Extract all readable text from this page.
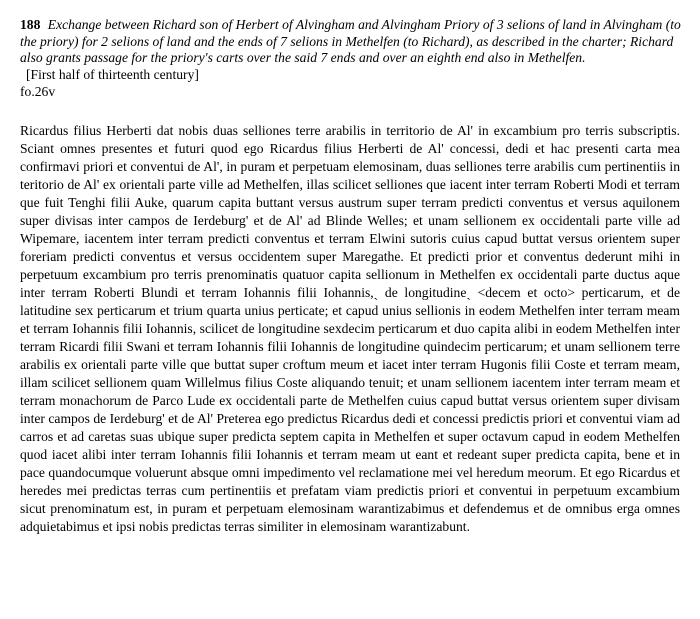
188 Exchange between Richard son of Herbert of Alvingham and Alvingham Priory of 3 selions of land in Alvingham (to the priory) for 2 selions of land and the ends of 7 selions in Methelfen (to Richard), as described in the charter; Richard also grants passage for the priory's carts over the said 7 ends and over an eighth end also in Methelfen.
[First half of thirteenth century]
fo.26v
Ricardus filius Herberti dat nobis duas selliones terre arabilis in territorio de Al' in excambium pro terris subscriptis. Sciant omnes presentes et futuri quod ego Ricardus filius Herberti de Al' concessi, dedi et hac presenti carta mea confirmavi priori et conventui de Al', in puram et perpetuam elemosinam, duas selliones terre arabilis cum pertinentiis in teritorio de Al' ex orientali parte ville ad Methelfen, illas scilicet selliones que iacent inter terram Roberti Modi et terram que fuit Tenghi filii Auke, quarum capita buttant versus austrum super terram predicti conventus et versus aquilonem super divisas inter campos de Ierdeburg' et de Al' ad Blinde Welles; et unam sellionem ex occidentali parte ville ad Wipemare, iacentem inter terram predicti conventus et terram Elwini sutoris cuius capud buttat versus orientem super foreriam predicti conventus et versus occidentem super Maregathe. Et predicti prior et conventus dederunt mihi in perpetuum excambium pro terris prenominatis quatuor capita sellionum in Methelfen ex occidentali parte ductus aque inter terram Roberti Blundi et terram Iohannis filii Iohannis,ˏ de longitudineˏ <decem et octo> perticarum, et de latitudine sex perticarum et trium quarta unius perticate; et capud unius sellionis in eodem Methelfen inter terram meam et terram Iohannis filii Iohannis, scilicet de longitudine sexdecim perticarum et duo capita alibi in eodem Methelfen inter terram Ricardi filii Swani et terram Iohannis filii Iohannis de longitudine quindecim perticarum; et unam sellionem terre arabilis ex orientali parte ville que buttat super croftum meum et iacet inter terram Hugonis filii Coste et terram meam, illam scilicet sellionem quam Willelmus filius Coste aliquando tenuit; et unam sellionem iacentem inter terram meam et terram monachorum de Parco Lude ex occidentali parte de Methelfen cuius capud buttat versus orientem super divisam inter campos de Ierdeburg' et de Al' Preterea ego predictus Ricardus dedi et concessi predictis priori et conventui viam ad carros et ad caretas suas ubique super predicta septem capita in Methelfen et super octavum capud in eodem Methelfen quod iacet alibi inter terram Iohannis filii Iohannis et terram meam ut eant et redeant super predicta capita, bene et in pace quandocumque voluerunt absque omni impedimento vel reclamatione mei vel heredum meorum. Et ego Ricardus et heredes mei predictas terras cum pertinentiis et prefatam viam predictis priori et conventui in perpetuum excambium sicut prenominatum est, in puram et perpetuam elemosinam warantizabimus et defendemus et de omnibus erga omnes adquietabimus et ipsi nobis predictas terras similiter in elemosinam warantizabunt.
